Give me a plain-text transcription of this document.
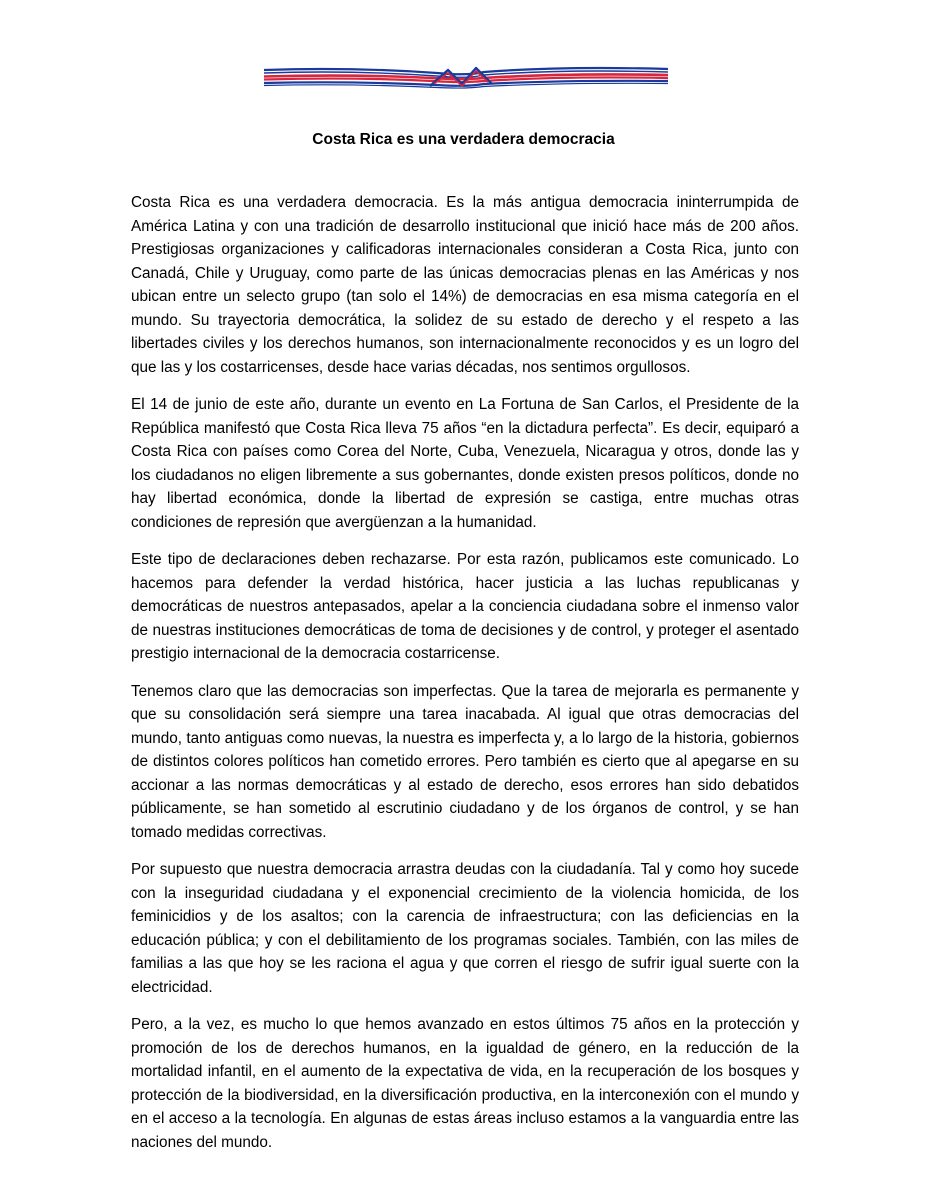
Costa Rica es una verdadera democracia

Costa Rica es una verdadera democracia. Es la más antigua democracia ininterrumpida de América Latina y con una tradición de desarrollo institucional que inició hace más de 200 años. Prestigiosas organizaciones y calificadoras internacionales consideran a Costa Rica, junto con Canadá, Chile y Uruguay, como parte de las únicas democracias plenas en las Américas y nos ubican entre un selecto grupo (tan solo el 14%) de democracias en esa misma categoría en el mundo. Su trayectoria democrática, la solidez de su estado de derecho y el respeto a las libertades civiles y los derechos humanos, son internacionalmente reconocidos y es un logro del que las y los costarricenses, desde hace varias décadas, nos sentimos orgullosos.

El 14 de junio de este año, durante un evento en La Fortuna de San Carlos, el Presidente de la República manifestó que Costa Rica lleva 75 años “en la dictadura perfecta”. Es decir, equiparó a Costa Rica con países como Corea del Norte, Cuba, Venezuela, Nicaragua y otros, donde las y los ciudadanos no eligen libremente a sus gobernantes, donde existen presos políticos, donde no hay libertad económica, donde la libertad de expresión se castiga, entre muchas otras condiciones de represión que avergüenzan a la humanidad.

Este tipo de declaraciones deben rechazarse. Por esta razón, publicamos este comunicado. Lo hacemos para defender la verdad histórica, hacer justicia a las luchas republicanas y democráticas de nuestros antepasados, apelar a la conciencia ciudadana sobre el inmenso valor de nuestras instituciones democráticas de toma de decisiones y de control, y proteger el asentado prestigio internacional de la democracia costarricense.

Tenemos claro que las democracias son imperfectas. Que la tarea de mejorarla es permanente y que su consolidación será siempre una tarea inacabada. Al igual que otras democracias del mundo, tanto antiguas como nuevas, la nuestra es imperfecta y, a lo largo de la historia, gobiernos de distintos colores políticos han cometido errores. Pero también es cierto que al apegarse en su accionar a las normas democráticas y al estado de derecho, esos errores han sido debatidos públicamente, se han sometido al escrutinio ciudadano y de los órganos de control, y se han tomado medidas correctivas.

Por supuesto que nuestra democracia arrastra deudas con la ciudadanía. Tal y como hoy sucede con la inseguridad ciudadana y el exponencial crecimiento de la violencia homicida, de los feminicidios y de los asaltos; con la carencia de infraestructura; con las deficiencias en la educación pública; y con el debilitamiento de los programas sociales. También, con las miles de familias a las que hoy se les raciona el agua y que corren el riesgo de sufrir igual suerte con la electricidad.

Pero, a la vez, es mucho lo que hemos avanzado en estos últimos 75 años en la protección y promoción de los de derechos humanos, en la igualdad de género, en la reducción de la mortalidad infantil, en el aumento de la expectativa de vida, en la recuperación de los bosques y protección de la biodiversidad, en la diversificación productiva, en la interconexión con el mundo y en el acceso a la tecnología. En algunas de estas áreas incluso estamos a la vanguardia entre las naciones del mundo.
